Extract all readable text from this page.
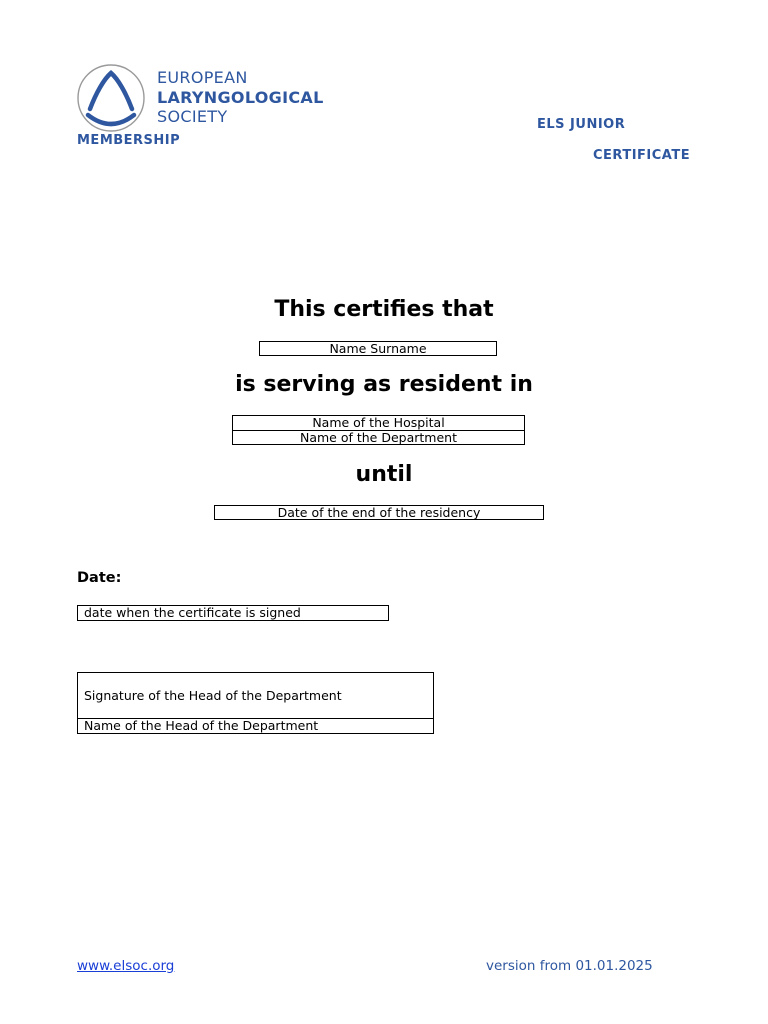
EUROPEAN
LARYNGOLOGICAL
SOCIETY
MEMBERSHIP
ELS JUNIOR
CERTIFICATE
This certifies that
Name Surname
is serving as resident in
Name of the Hospital
Name of the Department
until
Date of the end of the residency
Date:
date when the certificate is signed
Signature of the Head of the Department
Name of the Head of the Department
www.elsoc.org	version from 01.01.2025
